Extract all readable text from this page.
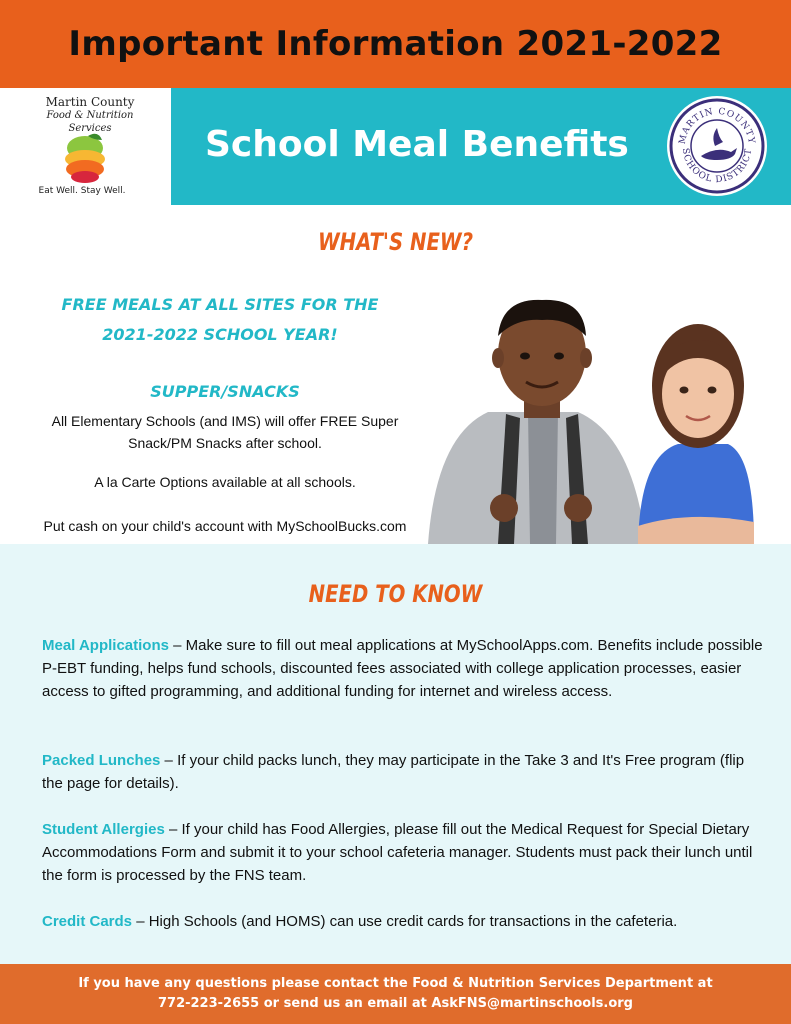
Important Information 2021-2022
Martin County
Food & Nutrition Services
Eat Well. Stay Well.
School Meal Benefits	MARTIN COUNTY
SCHOOL DISTRICT
WHAT'S NEW?
FREE MEALS AT ALL SITES FOR THE
2021-2022 SCHOOL YEAR!
SUPPER/SNACKS
All Elementary Schools (and IMS) will offer FREE Super
Snack/PM Snacks after school.
A la Carte Options available at all schools.
Put cash on your child's account with MySchoolBucks.com
NEED TO KNOW
Meal Applications – Make sure to fill out meal applications at MySchoolApps.com. Benefits include possible P-EBT funding, helps fund schools, discounted fees associated with college application processes, easier access to gifted programming, and additional funding for internet and wireless access.
Packed Lunches – If your child packs lunch, they may participate in the Take 3 and It's Free program (flip the page for details).
Student Allergies – If your child has Food Allergies, please fill out the Medical Request for Special Dietary Accommodations Form and submit it to your school cafeteria manager. Students must pack their lunch until the form is processed by the FNS team.
Credit Cards – High Schools (and HOMS) can use credit cards for transactions in the cafeteria.
If you have any questions please contact the Food & Nutrition Services Department at
772-223-2655 or send us an email at AskFNS@martinschools.org
